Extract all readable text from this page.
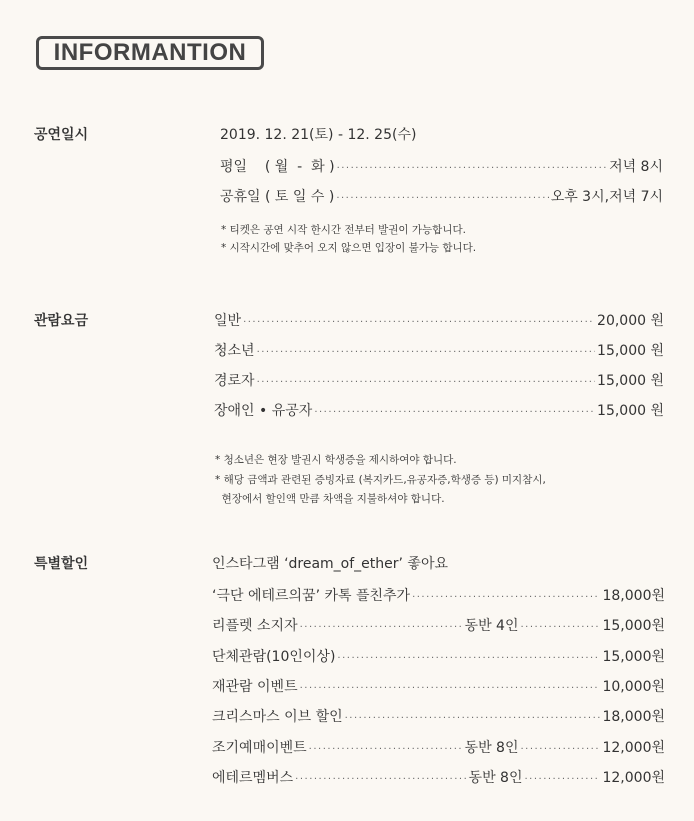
INFORMANTION
공연일시	2019. 12. 21(토) - 12. 25(수)
평일    ( 월  -  화 ) ·····	저녁 8시
공휴일 ( 토 일 수 ) ·····	오후 3시,저녁 7시
* 티켓은 공연 시작 한시간 전부터 발권이 가능합니다.
* 시작시간에 맞추어 오지 않으면 입장이 불가능 합니다.
관람요금	일반 ·····	20,000 원
청소년 ·····	15,000 원
경로자 ·····	15,000 원
장애인 • 유공자 ·····	15,000 원
* 청소년은 현장 발권시 학생증을 제시하여야 합니다.
* 해당 금액과 관련된 증빙자료 (복지카드,유공자증,학생증 등) 미지참시,
현장에서 할인액 만큼 차액을 지불하셔야 합니다.
특별할인	인스타그램 ‘dream_of_ether’ 좋아요
‘극단 에테르의꿈’ 카톡 플친추가 ·····	18,000원
리플렛 소지자 ·····	동반 4인 ·····	15,000원
단체관람(10인이상) ·····	15,000원
재관람 이벤트 ·····	10,000원
크리스마스 이브 할인 ·····	18,000원
조기예매이벤트 ·····	동반 8인 ·····	12,000원
에테르멤버스 ·····	동반 8인 ·····	12,000원
